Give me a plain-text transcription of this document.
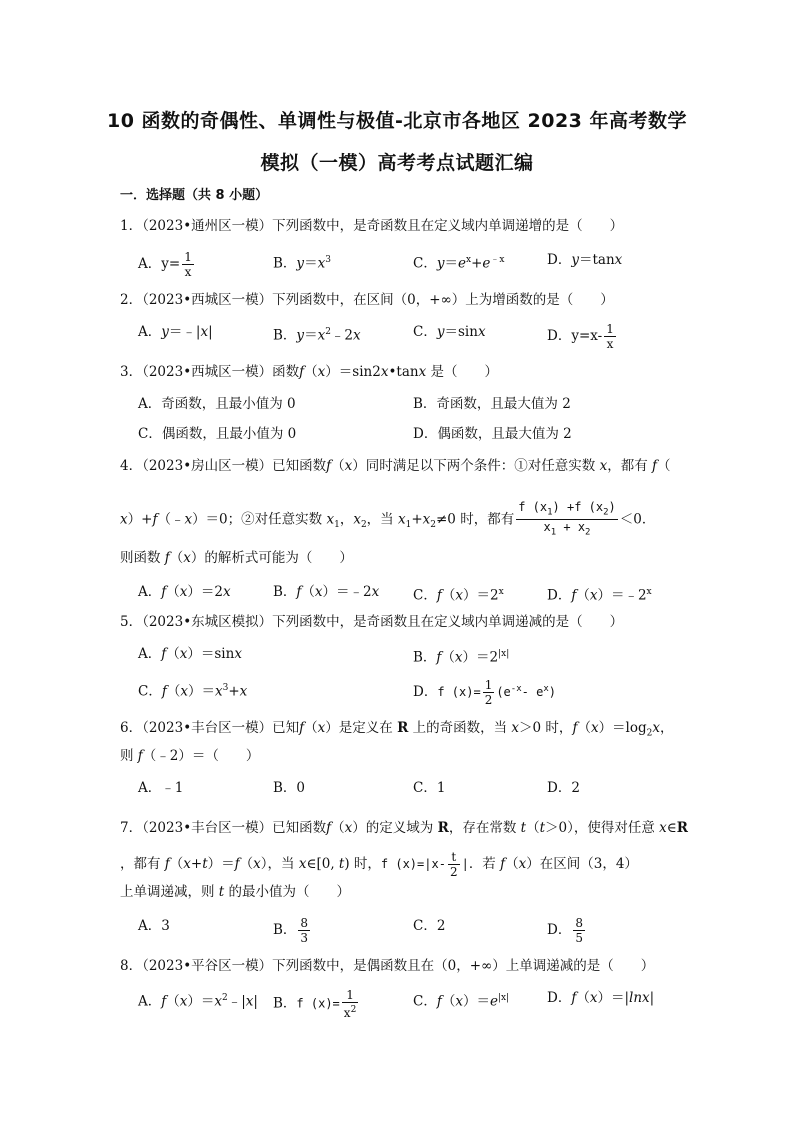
10 函数的奇偶性、单调性与极值-北京市各地区 2023 年高考数学
模拟（一模）高考考点试题汇编
一．选择题（共 8 小题）
1．（2023•通州区一模）下列函数中，是奇函数且在定义域内单调递增的是（　　）
A．$y= \frac{1}{x}$	B．$y=x^3$	C．$y=e^x+e^{﹣x}$	D．y＝tanx
2．（2023•西城区一模）下列函数中，在区间（0，+∞）上为增函数的是（　　）
A．y＝﹣|x|	B．$y=x^2﹣2x$	C．y＝sinx	D．$y=x- \frac{1}{x}$
3．（2023•西城区一模）函数f（x）＝sin2x•tanx 是（　　）
A．奇函数，且最小值为 0	B．奇函数，且最大值为 2
C．偶函数，且最小值为 0	D．偶函数，且最大值为 2
4．（2023•房山区一模）已知函数f（x）同时满足以下两个条件：①对任意实数 x，都有 f（
x）+f（﹣x）＝0；②对任意实数 $x_1$，$x_2$，当 $x_1+x_2\ne 0$ 时，都有 $\frac{f (x_1) +f (x_2)}{x_1 + x_2} <0$．
则函数 f（x）的解析式可能为（　　）
A．f（x）＝2x	B．f（x）＝﹣2x C．$f(x)=2^x$	D．$f(x)=﹣2^x$
5．（2023•东城区模拟）下列函数中，是奇函数且在定义域内单调递减的是（　　）
A．f（x）＝sinx	B．$f(x)=2^{|x|}$
C．$f(x)=x^3+x$	D．f $(x)= \frac{1}{2} (e^{-x}-$ $e^x$)
6．（2023•丰台区一模）已知f（x）是定义在 R 上的奇函数，当 x＞0 时，$f(x)=\log_2x$，
则 f（﹣2）＝（　　）
A．﹣1	B．0	C．1	D．2
7．（2023•丰台区一模）已知函数f（x）的定义域为 R，存在常数 t（t＞0），使得对任意 x∈R
，都有 f（x+t）＝f（x），当 x∈[0, t) 时，f $(x)=|x- \frac{t}{2}$ |．若 f（x）在区间（3，4）
上单调递减，则 t 的最小值为（　　）
A．3	B． $\frac{8}{3}$	C．2	D． $\frac{8}{5}$
8．（2023•平谷区一模）下列函数中，是偶函数且在（0，+∞）上单调递减的是（　　）
A．$f(x)=x^2﹣|x|$ B．f $(x)= \frac{1}{x^2}$	C．$f(x)=e^{|x|}$	D．f（x）＝|lnx|
